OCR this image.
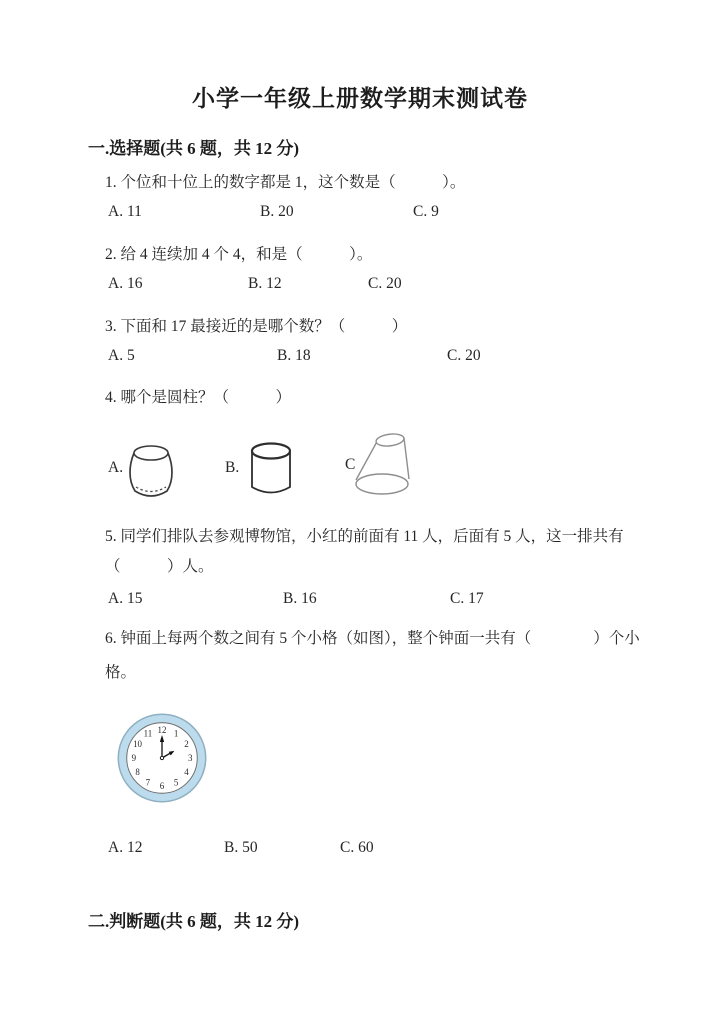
小学一年级上册数学期末测试卷
一.选择题(共 6 题，共 12 分)
1. 个位和十位上的数字都是 1，这个数是（　　　）。
A. 11	B. 20	C. 9
2. 给 4 连续加 4 个 4，和是（　　　）。
A. 16	B. 12	C. 20
3. 下面和 17 最接近的是哪个数？（　　　）
A. 5	B. 18	C. 20
4. 哪个是圆柱？（　　　）
A.	B.	C
5. 同学们排队去参观博物馆，小红的前面有 11 人，后面有 5 人，这一排共有
（　　　）人。
A. 15	B. 16	C. 17
6. 钟面上每两个数之间有 5 个小格（如图），整个钟面一共有（　　　　）个小
格。
12 1
2
3
4
5
6
7
8
9
10
11
A. 12	B. 50	C. 60
二.判断题(共 6 题，共 12 分)
